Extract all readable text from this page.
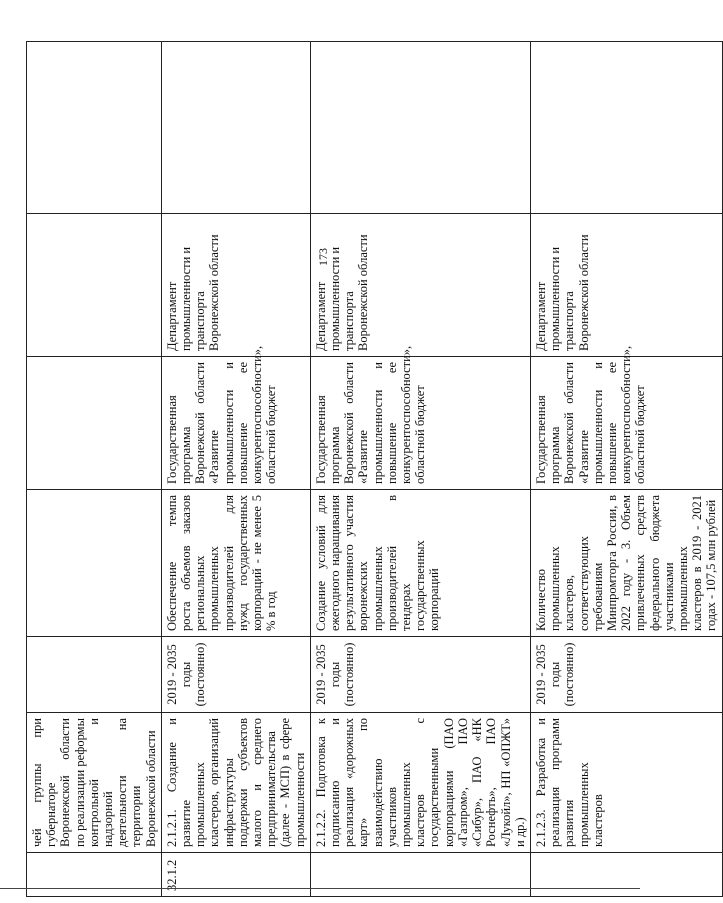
173
	чей группы при губернаторе Воронежской области по реализации реформы контрольной и надзорной деятельности на территории Воронежской области					
32.1.2	2.1.2.1. Создание и развитие промышленных кластеров, организаций инфраструктуры поддержки субъектов малого и среднего предпринимательства (далее - МСП) в сфере промышленности	2019 - 2035 годы (постоянно)	Обеспечение темпа роста объемов заказов региональных промышленных производителей для нужд государственных корпораций - не менее 5 % в год	Государственная программа Воронежской области «Развитие промышленности и повышение ее конкурентоспособности», областной бюджет	Департамент промышленности и транспорта Воронежской области	
	2.1.2.2. Подготовка к подписанию и реализация «дорожных карт» по взаимодействию участников промышленных кластеров с государственными корпорациями (ПАО «Газпром», ПАО «Сибур», ПАО «НК Роснефть», ПАО «Лукойл», НП «ОПЖТ» и др.)	2019 - 2035 годы (постоянно)	Создание условий для ежегодного наращивания результативного участия воронежских промышленных производителей в тендерах государственных корпораций	Государственная программа Воронежской области «Развитие промышленности и повышение ее конкурентоспособности», областной бюджет	Департамент промышленности и транспорта Воронежской области	
	2.1.2.3. Разработка и реализация программ развития промышленных кластеров	2019 - 2035 годы (постоянно)	Количество промышленных кластеров, соответствующих требованиям Минпромторга России, в 2022 году - 3. Объем привлеченных средств федерального бюджета участниками промышленных кластеров в 2019 - 2021 годах - 107,5 млн рублей	Государственная программа Воронежской области «Развитие промышленности и повышение ее конкурентоспособности», областной бюджет	Департамент промышленности и транспорта Воронежской области	
